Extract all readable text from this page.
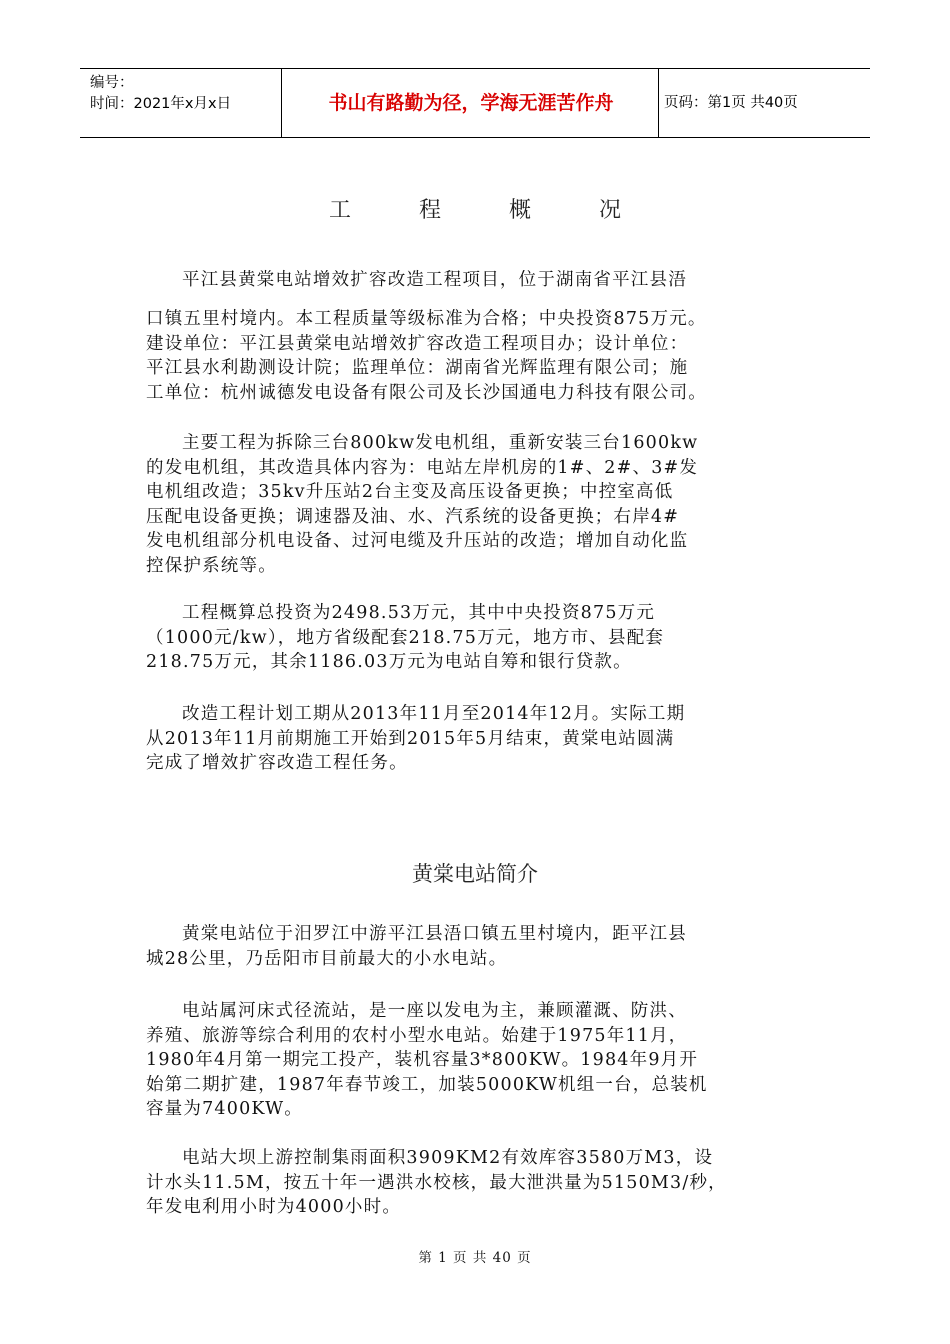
编号：
时间：2021年x月x日	书山有路勤为径，学海无涯苦作舟	页码：第1页 共40页
工程概况

平江县黄棠电站增效扩容改造工程项目，位于湖南省平江县浯

口镇五里村境内。本工程质量等级标准为合格；中央投资875万元。
建设单位：平江县黄棠电站增效扩容改造工程项目办；设计单位：
平江县水利勘测设计院；监理单位：湖南省光辉监理有限公司；施
工单位：杭州诚德发电设备有限公司及长沙国通电力科技有限公司。

主要工程为拆除三台800kw发电机组，重新安装三台1600kw
的发电机组，其改造具体内容为：电站左岸机房的1#、2#、3#发
电机组改造；35kv升压站2台主变及高压设备更换；中控室高低
压配电设备更换；调速器及油、水、汽系统的设备更换；右岸4#
发电机组部分机电设备、过河电缆及升压站的改造；增加自动化监
控保护系统等。

工程概算总投资为2498.53万元，其中中央投资875万元
（1000元/kw），地方省级配套218.75万元，地方市、县配套
218.75万元，其余1186.03万元为电站自筹和银行贷款。

改造工程计划工期从2013年11月至2014年12月。实际工期
从2013年11月前期施工开始到2015年5月结束，黄棠电站圆满
完成了增效扩容改造工程任务。

黄棠电站简介

黄棠电站位于汨罗江中游平江县浯口镇五里村境内，距平江县
城28公里，乃岳阳市目前最大的小水电站。

电站属河床式径流站，是一座以发电为主，兼顾灌溉、防洪、
养殖、旅游等综合利用的农村小型水电站。始建于1975年11月，
1980年4月第一期完工投产，装机容量3*800KW。1984年9月开
始第二期扩建，1987年春节竣工，加装5000KW机组一台，总装机
容量为7400KW。

电站大坝上游控制集雨面积3909KM2有效库容3580万M3，设
计水头11.5M，按五十年一遇洪水校核，最大泄洪量为5150M3/秒，
年发电利用小时为4000小时。

第 1 页 共 40 页
